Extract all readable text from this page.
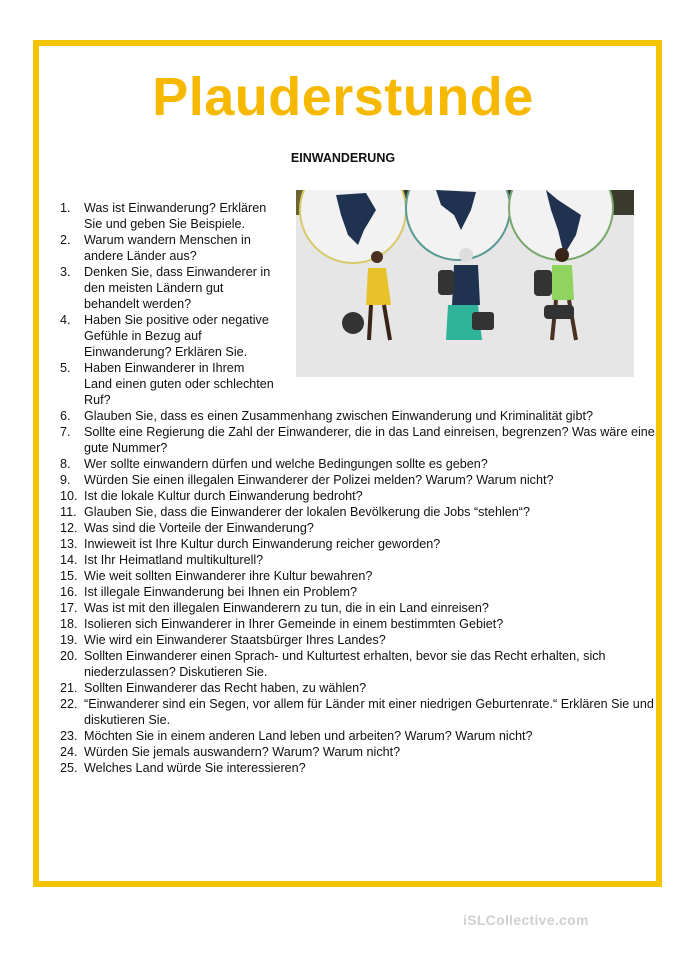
Plauderstunde
EINWANDERUNG
1.	Was ist Einwanderung? Erklären Sie und geben Sie Beispiele.
2.	Warum wandern Menschen in andere Länder aus?
3.	Denken Sie, dass Einwanderer in den meisten Ländern gut behandelt werden?
4.	Haben Sie positive oder negative Gefühle in Bezug auf Einwanderung? Erklären Sie.
5.	Haben Einwanderer in Ihrem Land einen guten oder schlechten Ruf?
6.	Glauben Sie, dass es einen Zusammenhang zwischen Einwanderung und Kriminalität gibt?
7.	Sollte eine Regierung die Zahl der Einwanderer, die in das Land einreisen, begrenzen? Was wäre eine gute Nummer?
8.	Wer sollte einwandern dürfen und welche Bedingungen sollte es geben?
9.	Würden Sie einen illegalen Einwanderer der Polizei melden? Warum? Warum nicht?
10. Ist die lokale Kultur durch Einwanderung bedroht?
11. Glauben Sie, dass die Einwanderer der lokalen Bevölkerung die Jobs “stehlen“?
12. Was sind die Vorteile der Einwanderung?
13. Inwieweit ist Ihre Kultur durch Einwanderung reicher geworden?
14. Ist Ihr Heimatland multikulturell?
15. Wie weit sollten Einwanderer ihre Kultur bewahren?
16. Ist illegale Einwanderung bei Ihnen ein Problem?
17. Was ist mit den illegalen Einwanderern zu tun, die in ein Land einreisen?
18. Isolieren sich Einwanderer in Ihrer Gemeinde in einem bestimmten Gebiet?
19. Wie wird ein Einwanderer Staatsbürger Ihres Landes?
20. Sollten Einwanderer einen Sprach- und Kulturtest erhalten, bevor sie das Recht erhalten, sich niederzulassen? Diskutieren Sie.
21. Sollten Einwanderer das Recht haben, zu wählen?
22. “Einwanderer sind ein Segen, vor allem für Länder mit einer niedrigen Geburtenrate.“ Erklären Sie und diskutieren Sie.
23. Möchten Sie in einem anderen Land leben und arbeiten? Warum? Warum nicht?
24. Würden Sie jemals auswandern? Warum? Warum nicht?
25. Welches Land würde Sie interessieren?
iSLCollective.com
